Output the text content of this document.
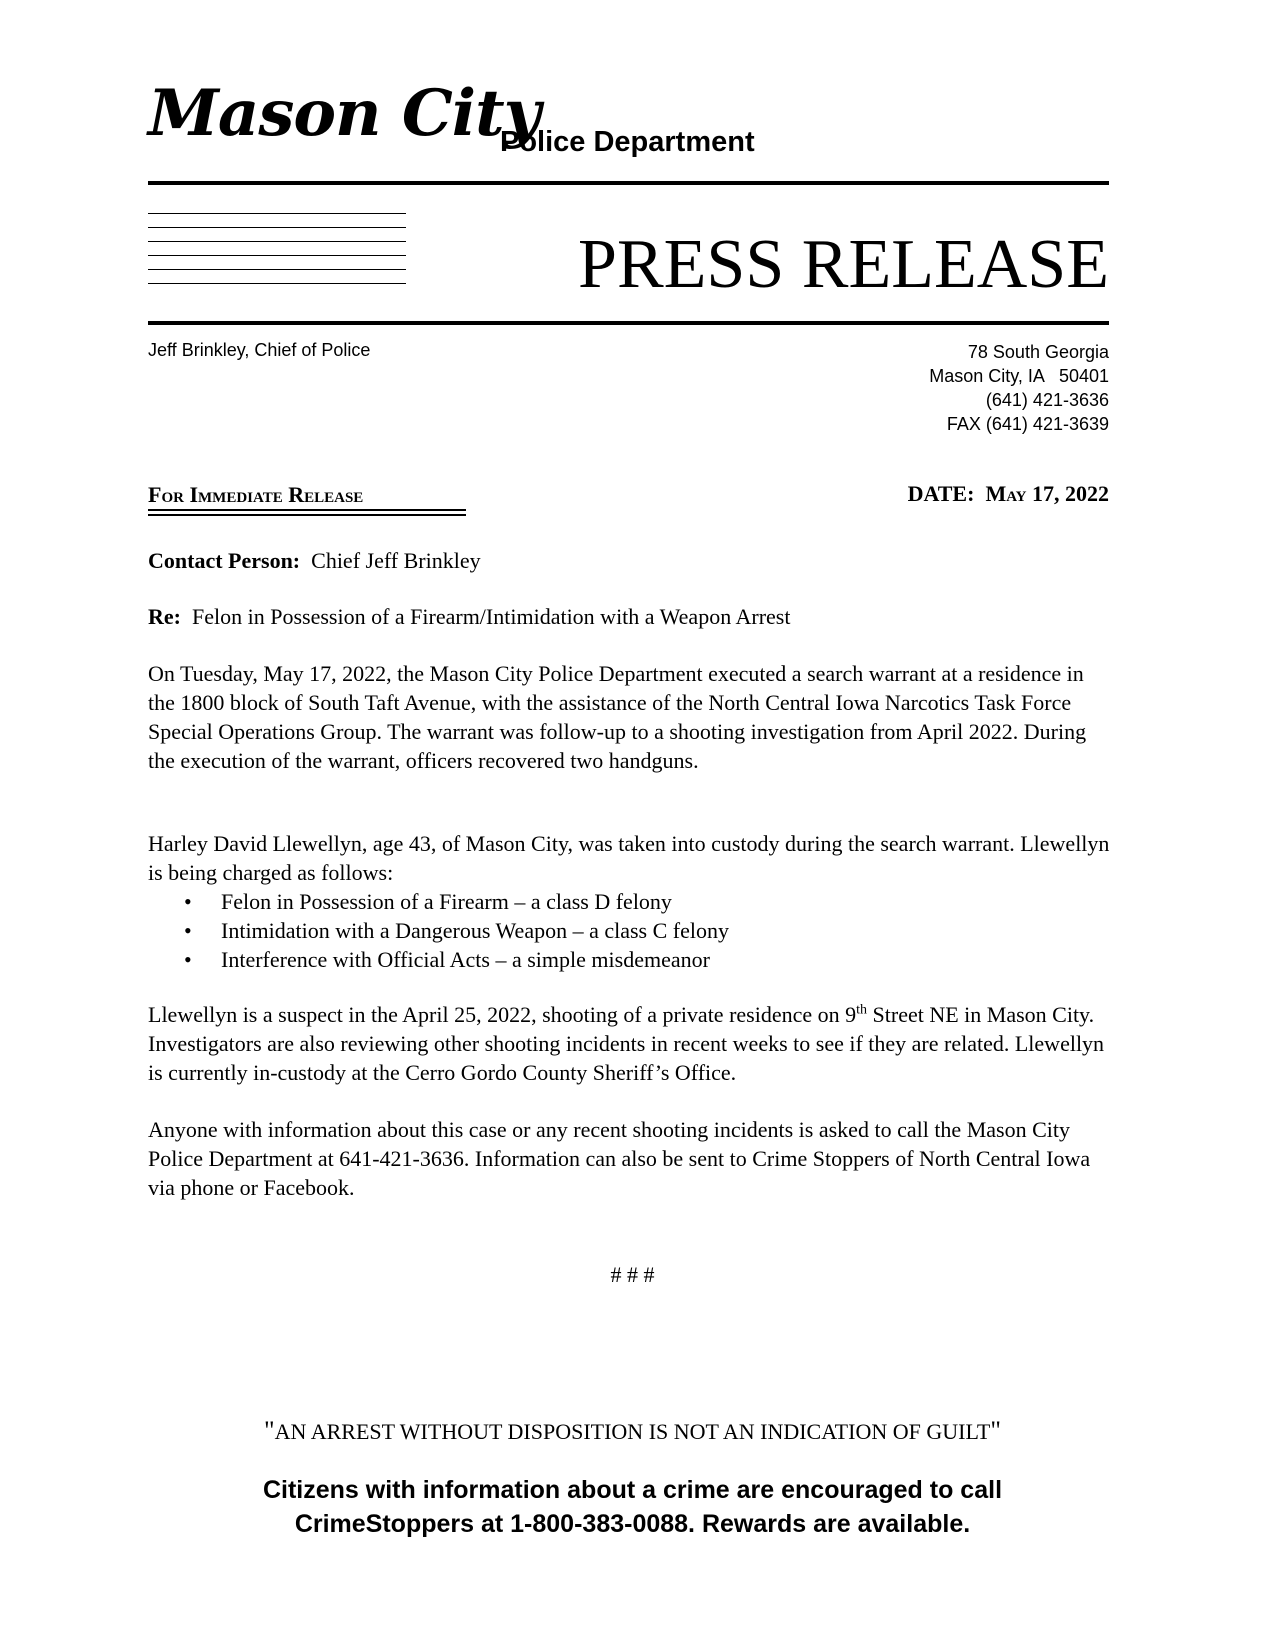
Mason City
Police Department
PRESS RELEASE
Jeff Brinkley, Chief of Police	78 South Georgia
Mason City, IA   50401
(641) 421-3636
FAX (641) 421-3639
For Immediate Release	DATE: May 17, 2022
Contact Person: Chief Jeff Brinkley
Re: Felon in Possession of a Firearm/Intimidation with a Weapon Arrest

On Tuesday, May 17, 2022, the Mason City Police Department executed a search warrant at a residence in the 1800 block of South Taft Avenue, with the assistance of the North Central Iowa Narcotics Task Force Special Operations Group. The warrant was follow-up to a shooting investigation from April 2022. During the execution of the warrant, officers recovered two handguns.

Harley David Llewellyn, age 43, of Mason City, was taken into custody during the search warrant. Llewellyn is being charged as follows:

• Felon in Possession of a Firearm – a class D felony
• Intimidation with a Dangerous Weapon – a class C felony
• Interference with Official Acts – a simple misdemeanor

Llewellyn is a suspect in the April 25, 2022, shooting of a private residence on 9th Street NE in Mason City. Investigators are also reviewing other shooting incidents in recent weeks to see if they are related. Llewellyn is currently in-custody at the Cerro Gordo County Sheriff’s Office.

Anyone with information about this case or any recent shooting incidents is asked to call the Mason City Police Department at 641-421-3636. Information can also be sent to Crime Stoppers of North Central Iowa via phone or Facebook.

# # #
"AN ARREST WITHOUT DISPOSITION IS NOT AN INDICATION OF GUILT"
Citizens with information about a crime are encouraged to call
CrimeStoppers at 1-800-383-0088. Rewards are available.
